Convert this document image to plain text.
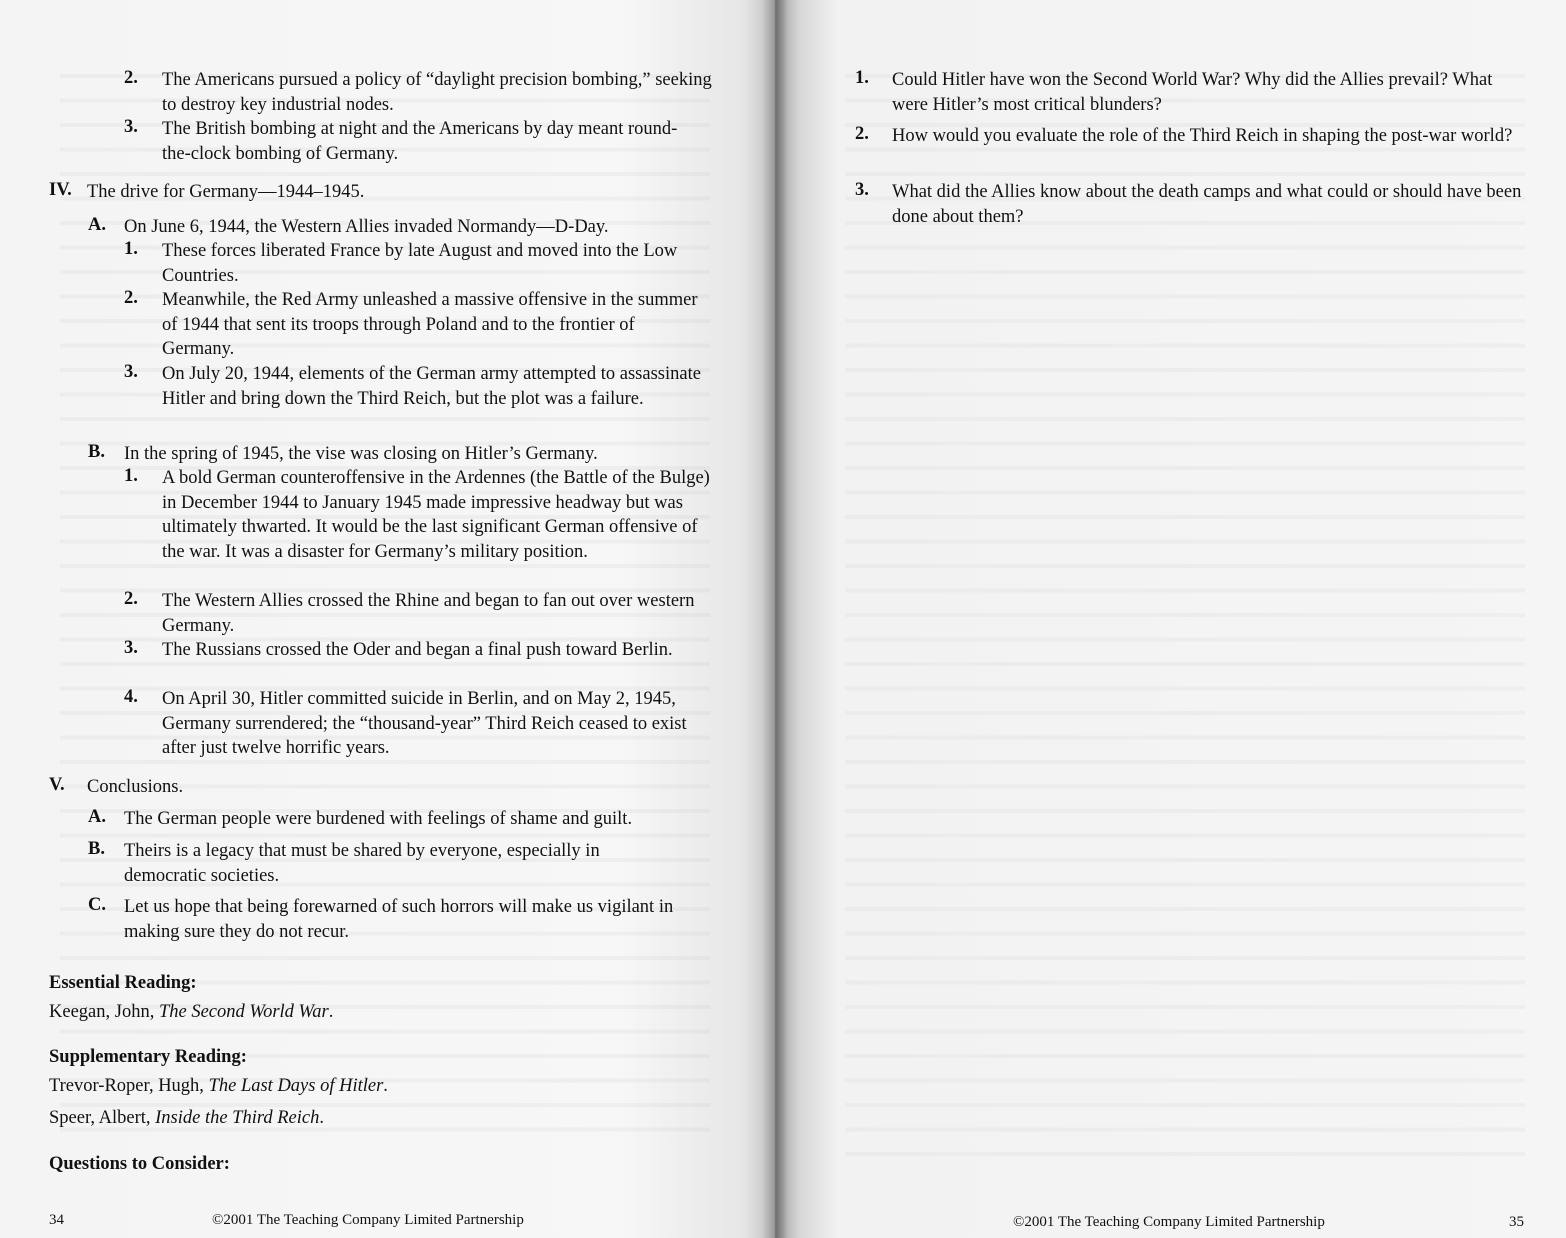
2. The Americans pursued a policy of “daylight precision bombing,” seeking to destroy key industrial nodes.
3. The British bombing at night and the Americans by day meant round-the-clock bombing of Germany.
IV. The drive for Germany—1944–1945.
A. On June 6, 1944, the Western Allies invaded Normandy—D-Day.
1. These forces liberated France by late August and moved into the Low Countries.
2. Meanwhile, the Red Army unleashed a massive offensive in the summer of 1944 that sent its troops through Poland and to the frontier of Germany.
3. On July 20, 1944, elements of the German army attempted to assassinate Hitler and bring down the Third Reich, but the plot was a failure.
B. In the spring of 1945, the vise was closing on Hitler’s Germany.
1. A bold German counteroffensive in the Ardennes (the Battle of the Bulge) in December 1944 to January 1945 made impressive headway but was ultimately thwarted. It would be the last significant German offensive of the war. It was a disaster for Germany’s military position.
2. The Western Allies crossed the Rhine and began to fan out over western Germany.
3. The Russians crossed the Oder and began a final push toward Berlin.
4. On April 30, Hitler committed suicide in Berlin, and on May 2, 1945, Germany surrendered; the “thousand-year” Third Reich ceased to exist after just twelve horrific years.
V. Conclusions.
A. The German people were burdened with feelings of shame and guilt.
B. Theirs is a legacy that must be shared by everyone, especially in democratic societies.
C. Let us hope that being forewarned of such horrors will make us vigilant in making sure they do not recur.
Essential Reading:
Keegan, John, The Second World War.
Supplementary Reading:
Trevor-Roper, Hugh, The Last Days of Hitler.
Speer, Albert, Inside the Third Reich.
Questions to Consider:
34	©2001 The Teaching Company Limited Partnership
1. Could Hitler have won the Second World War? Why did the Allies prevail? What were Hitler’s most critical blunders?
2. How would you evaluate the role of the Third Reich in shaping the post-war world?
3. What did the Allies know about the death camps and what could or should have been done about them?
©2001 The Teaching Company Limited Partnership	35
